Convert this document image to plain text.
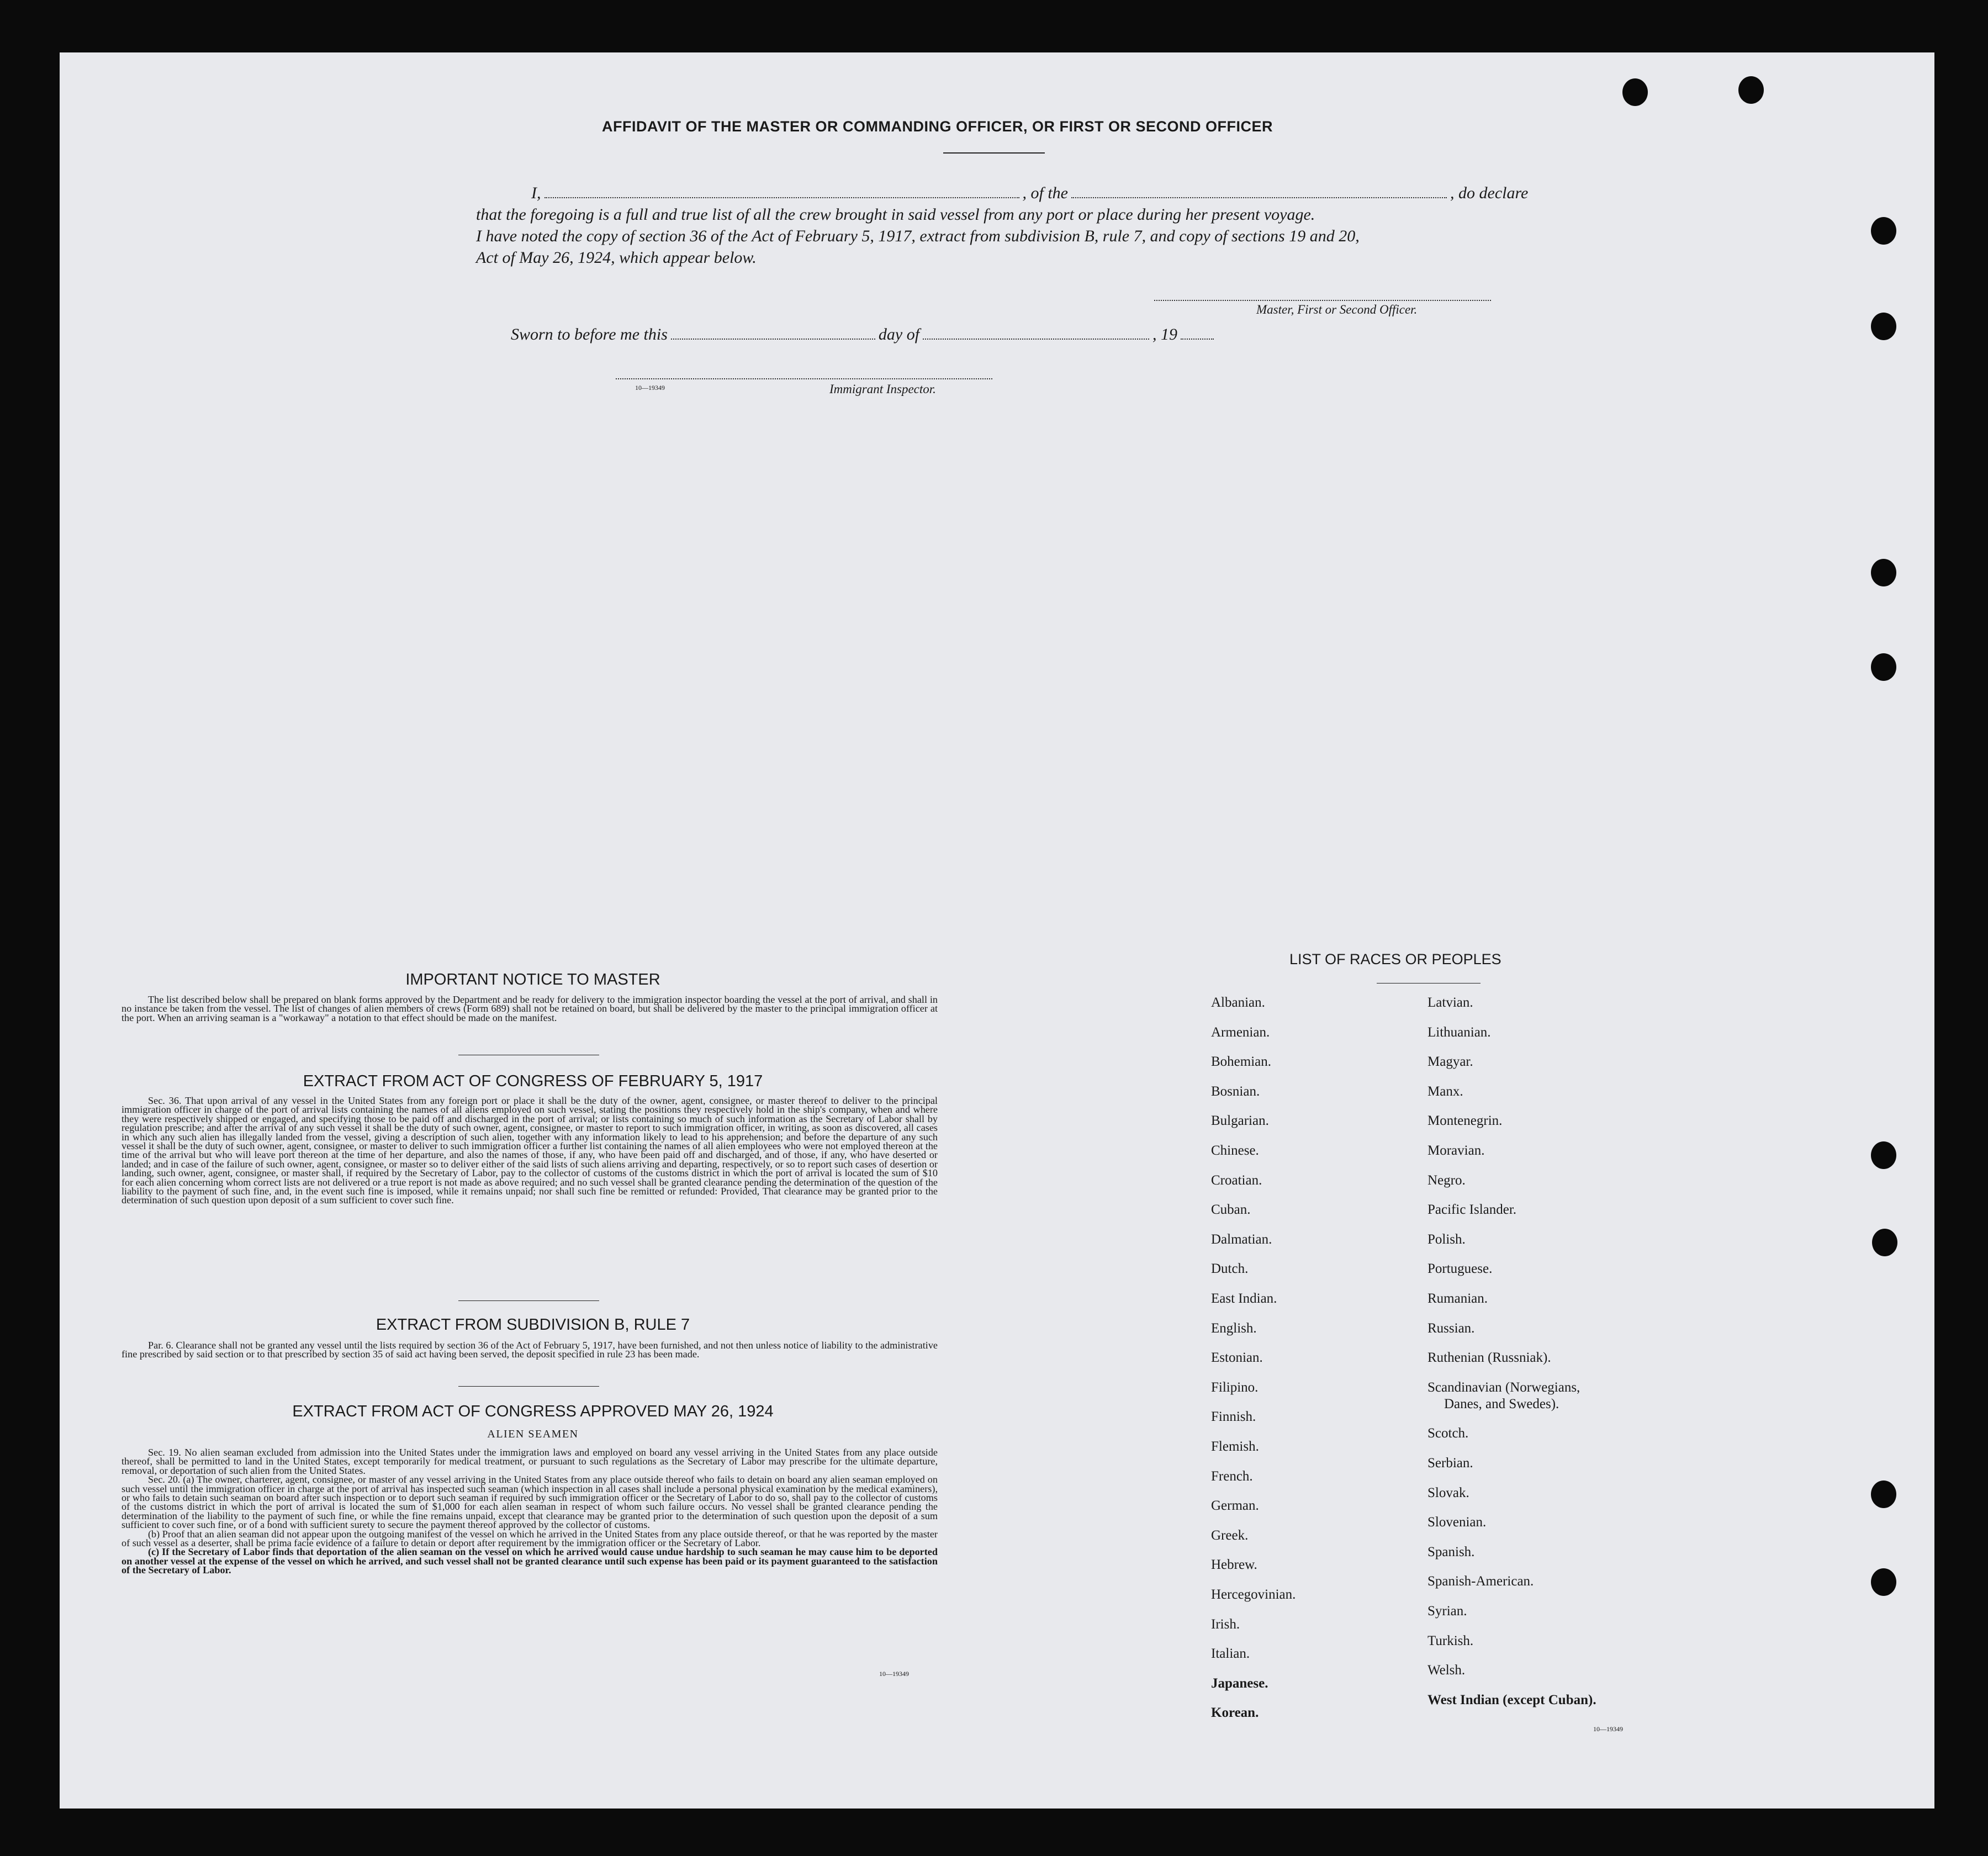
AFFIDAVIT OF THE MASTER OR COMMANDING OFFICER, OR FIRST OR SECOND OFFICER
I,	, of the	, do declare
that the foregoing is a full and true list of all the crew brought in said vessel from any port or place during her present voyage.
I have noted the copy of section 36 of the Act of February 5, 1917, extract from subdivision B, rule 7, and copy of sections 19 and 20,
Act of May 26, 1924, which appear below.
Master, First or Second Officer.
Sworn to before me this	day of	, 19
10—19349	Immigrant Inspector.
IMPORTANT NOTICE TO MASTER
The list described below shall be prepared on blank forms approved by the Department and be ready for delivery to the immigration inspector boarding the vessel at the port of arrival, and shall in no instance be taken from the vessel. The list of changes of alien members of crews (Form 689) shall not be retained on board, but shall be delivered by the master to the principal immigration officer at the port. When an arriving seaman is a "workaway" a notation to that effect should be made on the manifest.
EXTRACT FROM ACT OF CONGRESS OF FEBRUARY 5, 1917
Sec. 36. That upon arrival of any vessel in the United States from any foreign port or place it shall be the duty of the owner, agent, consignee, or master thereof to deliver to the principal immigration officer in charge of the port of arrival lists containing the names of all aliens employed on such vessel, stating the positions they respectively hold in the ship's company, when and where they were respectively shipped or engaged, and specifying those to be paid off and discharged in the port of arrival; or lists containing so much of such information as the Secretary of Labor shall by regulation prescribe; and after the arrival of any such vessel it shall be the duty of such owner, agent, consignee, or master to report to such immigration officer, in writing, as soon as discovered, all cases in which any such alien has illegally landed from the vessel, giving a description of such alien, together with any information likely to lead to his apprehension; and before the departure of any such vessel it shall be the duty of such owner, agent, consignee, or master to deliver to such immigration officer a further list containing the names of all alien employees who were not employed thereon at the time of the arrival but who will leave port thereon at the time of her departure, and also the names of those, if any, who have been paid off and discharged, and of those, if any, who have deserted or landed; and in case of the failure of such owner, agent, consignee, or master so to deliver either of the said lists of such aliens arriving and departing, respectively, or so to report such cases of desertion or landing, such owner, agent, consignee, or master shall, if required by the Secretary of Labor, pay to the collector of customs of the customs district in which the port of arrival is located the sum of $10 for each alien concerning whom correct lists are not delivered or a true report is not made as above required; and no such vessel shall be granted clearance pending the determination of the question of the liability to the payment of such fine, and, in the event such fine is imposed, while it remains unpaid; nor shall such fine be remitted or refunded: Provided, That clearance may be granted prior to the determination of such question upon deposit of a sum sufficient to cover such fine.
EXTRACT FROM SUBDIVISION B, RULE 7
Par. 6. Clearance shall not be granted any vessel until the lists required by section 36 of the Act of February 5, 1917, have been furnished, and not then unless notice of liability to the administrative fine prescribed by said section or to that prescribed by section 35 of said act having been served, the deposit specified in rule 23 has been made.
EXTRACT FROM ACT OF CONGRESS APPROVED MAY 26, 1924
ALIEN SEAMEN

Sec. 19. No alien seaman excluded from admission into the United States under the immigration laws and employed on board any vessel arriving in the United States from any place outside thereof, shall be permitted to land in the United States, except temporarily for medical treatment, or pursuant to such regulations as the Secretary of Labor may prescribe for the ultimate departure, removal, or deportation of such alien from the United States.

Sec. 20. (a) The owner, charterer, agent, consignee, or master of any vessel arriving in the United States from any place outside thereof who fails to detain on board any alien seaman employed on such vessel until the immigration officer in charge at the port of arrival has inspected such seaman (which inspection in all cases shall include a personal physical examination by the medical examiners), or who fails to detain such seaman on board after such inspection or to deport such seaman if required by such immigration officer or the Secretary of Labor to do so, shall pay to the collector of customs of the customs district in which the port of arrival is located the sum of $1,000 for each alien seaman in respect of whom such failure occurs. No vessel shall be granted clearance pending the determination of the liability to the payment of such fine, or while the fine remains unpaid, except that clearance may be granted prior to the determination of such question upon the deposit of a sum sufficient to cover such fine, or of a bond with sufficient surety to secure the payment thereof approved by the collector of customs.

(b) Proof that an alien seaman did not appear upon the outgoing manifest of the vessel on which he arrived in the United States from any place outside thereof, or that he was reported by the master of such vessel as a deserter, shall be prima facie evidence of a failure to detain or deport after requirement by the immigration officer or the Secretary of Labor.

(c) If the Secretary of Labor finds that deportation of the alien seaman on the vessel on which he arrived would cause undue hardship to such seaman he may cause him to be deported on another vessel at the expense of the vessel on which he arrived, and such vessel shall not be granted clearance until such expense has been paid or its payment guaranteed to the satisfaction of the Secretary of Labor.

10—19349
LIST OF RACES OR PEOPLES
Albanian.
Armenian.
Bohemian.
Bosnian.
Bulgarian.
Chinese.
Croatian.
Cuban.
Dalmatian.
Dutch.
East Indian.
English.
Estonian.
Filipino.
Finnish.
Flemish.
French.
German.
Greek.
Hebrew.
Hercegovinian.
Irish.
Italian.
Japanese.
Korean.
Latvian.
Lithuanian.
Magyar.
Manx.
Montenegrin.
Moravian.
Negro.
Pacific Islander.
Polish.
Portuguese.
Rumanian.
Russian.
Ruthenian (Russniak).
Scandinavian (Norwegians,
Danes, and Swedes).
Scotch.
Serbian.
Slovak.
Slovenian.
Spanish.
Spanish-American.
Syrian.
Turkish.
Welsh.
West Indian (except Cuban).
10—19349
